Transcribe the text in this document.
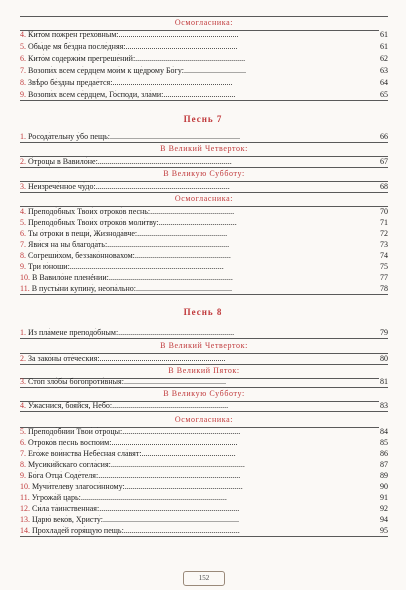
Осмогласника:
4. Кито́м пожре́н грехо́вным:............................................................	61
5. Обы́де мя бе́здна после́дняя:........................................................	61
6. Кито́м содержи́м прегреше́ний:.......................................................	62
7. Возопи́х всем се́рдцем мои́м к ще́дрому Бо́гу:...............................	63
8. Звѣ́ро бе́здны предае́тся:............................................................	64
9. Возопи́х всем се́рдцем, Го́споди, зла́ми:....................................	65
Песнь 7
1. Росода́тельну у́бо пещь:.................................................................	66
В Великий Четверток:
2. О́троцы в Вавило́не:...................................................................	67
В Великую Субботу:
3. Неизрече́нное чу́до:...................................................................	68
Осмогласника:
4. Преподо́бных Твои́х отроко́в песнь:..........................................	70
5. Преподо́бных Твои́х отроко́в моли́тву:.......................................	71
6. Ты о́троки в пещи́, Жизнода́вче:.............................................	72
7. Яви́ся на ны благода́ть:.............................................................	73
8. Согреши́хом, беззако́нновахом:................................................	74
9. Три ю́ноши:.............................................................................	75
10. В Вавило́не пленéнии:..............................................................	77
11. В пусты́ни купину́, неопа́льно:................................................	78
Песнь 8
1. Из пла́мене преподо́бным:..........................................................	79
В Великий Четверток:
2. За зако́ны оте́ческия:...............................................................	80
В Великий Пяток:
3. Стоп зло́бы богопроти́вныя:...................................................	81
В Великую Субботу:
4. Ужасни́ся, боя́йся, Не́бо:..........................................................	83
Осмогласника:
5. Преподо́бнии Твои́ о́троцы:...........................................................	84
6. Отроко́в песнь воспои́м:...............................................................	85
7. Его́же вои́нства Небе́сная сла́вят:...............................................	86
8. Мусики́йскаго согла́сия:...................................................................	87
9. Бо́га Отца́ Соде́теля:.......................................................................	89
10. Мучи́телеву злагоси́нному:...........................................................	90
11. Угрожа́й царь:.........................................................................	91
12. Си́ла та́инственная:......................................................................	92
13. Царю́ веко́в, Христу́:....................................................................	94
14. Прохладе́й горя́щую пещь:..........................................................	95
152
